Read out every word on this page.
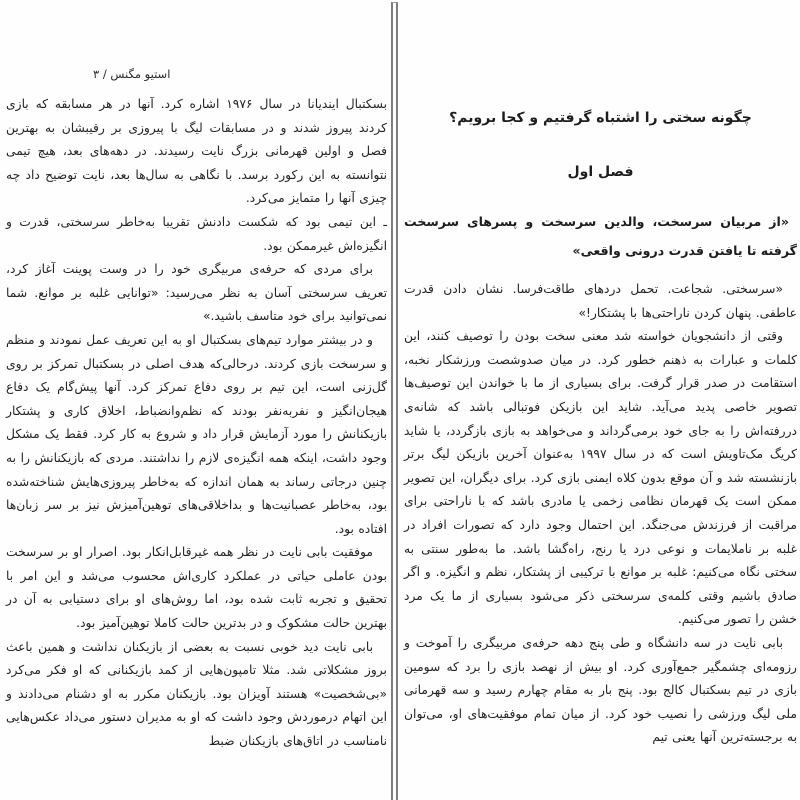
استیو مگنس / ۳

بسکتبال ایندیانا در سال ۱۹۷۶ اشاره کرد. آنها در هر مسابقه که بازی کردند پیروز شدند و در مسابقات لیگ با پیروزی بر رقیبشان به بهترین فصل و اولین قهرمانی بزرگ نایت رسیدند. در دهه‌های بعد، هیچ تیمی نتوانسته به این رکورد برسد. با نگاهی به سال‌ها بعد، نایت توضیح داد چه چیزی آنها را متمایز می‌کرد.

ـ این تیمی بود که شکست دادنش تقریبا به‌خاطر سرسختی، قدرت و انگیزه‌اش غیرممکن بود.

برای مردی که حرفه‌ی مربیگری خود را در وست پوینت آغاز کرد، تعریف سرسختی آسان به نظر می‌رسید: «توانایی غلبه بر موانع. شما نمی‌توانید برای خود متاسف باشید.»

و در بیشتر موارد تیم‌های بسکتبال او به این تعریف عمل نمودند و منظم و سرسخت بازی کردند. درحالی‌که هدف اصلی در بسکتبال تمرکز بر روی گل‌زنی است، این تیم بر روی دفاع تمرکز کرد. آنها پیش‌گام یک دفاع هیجان‌انگیز و نفربه‌نفر بودند که نظم‌وانضباط، اخلاق کاری و پشتکار بازیکنانش را مورد آزمایش قرار داد و شروع به کار کرد. فقط یک مشکل وجود داشت، اینکه همه انگیزه‌ی لازم را نداشتند. مردی که بازیکنانش را به چنین درجاتی رساند به همان اندازه که به‌خاطر پیروزی‌هایش شناخته‌شده بود، به‌خاطر عصبانیت‌ها و بداخلاقی‌های توهین‌آمیزش نیز بر سر زبان‌ها افتاده بود.

موفقیت بابی نایت در نظر همه غیرقابل‌انکار بود. اصرار او بر سرسخت بودن عاملی حیاتی در عملکرد کاری‌اش محسوب می‌شد و این امر با تحقیق و تجربه ثابت شده بود، اما روش‌های او برای دستیابی به آن در بهترین حالت مشکوک و در بدترین حالت کاملا توهین‌آمیز بود.

بابی نایت دید خوبی نسبت به بعضی از بازیکنان نداشت و همین باعث بروز مشکلاتی شد. مثلا تامپون‌هایی از کمد بازیکنانی که او فکر می‌کرد «بی‌شخصیت» هستند آویزان بود. بازیکنان مکرر به او دشنام می‌دادند و این اتهام درموردش وجود داشت که او به مدیران دستور می‌داد عکس‌هایی نامناسب در اتاق‌های بازیکنان ضبط

چگونه سختی را اشتباه گرفتیم و کجا برویم؟
فصل اول

«از مربیان سرسخت، والدین سرسخت و پسرهای سرسخت گرفته تا یافتن قدرت درونی واقعی»

«سرسختی. شجاعت. تحمل دردهای طاقت‌فرسا. نشان دادن قدرت عاطفی. پنهان کردن ناراحتی‌ها با پشتکار!»

وقتی از دانشجویان خواسته شد معنی سخت بودن را توصیف کنند، این کلمات و عبارات به ذهنم خطور کرد. در میان صدوشصت ورزشکار نخبه، استقامت در صدر قرار گرفت. برای بسیاری از ما با خواندن این توصیف‌ها تصویر خاصی پدید می‌آید. شاید این بازیکن فوتبالی باشد که شانه‌ی دررفته‌اش را به جای خود برمی‌گرداند و می‌خواهد به بازی بازگردد، یا شاید کریگ مک‌تاویش است که در سال ۱۹۹۷ به‌عنوان آخرین بازیکن لیگ برتر بازنشسته شد و آن موقع بدون کلاه ایمنی بازی کرد. برای دیگران، این تصویر ممکن است یک قهرمان نظامی زخمی یا مادری باشد که با ناراحتی برای مراقبت از فرزندش می‌جنگد. این احتمال وجود دارد که تصورات افراد در غلبه بر ناملایمات و نوعی درد یا رنج، راه‌گشا باشد. ما به‌طور سنتی به سختی نگاه می‌کنیم: غلبه بر موانع با ترکیبی از پشتکار، نظم و انگیزه. و اگر صادق باشیم وقتی کلمه‌ی سرسختی ذکر می‌شود بسیاری از ما یک مرد خشن را تصور می‌کنیم.

بابی نایت در سه دانشگاه و طی پنج دهه حرفه‌ی مربیگری را آموخت و رزومه‌ای چشمگیر جمع‌آوری کرد. او بیش از نهصد بازی را برد که سومین بازی در تیم بسکتبال کالج بود. پنج بار به مقام چهارم رسید و سه قهرمانی ملی لیگ ورزشی را نصیب خود کرد. از میان تمام موفقیت‌های او، می‌توان به برجسته‌ترین آنها یعنی تیم
